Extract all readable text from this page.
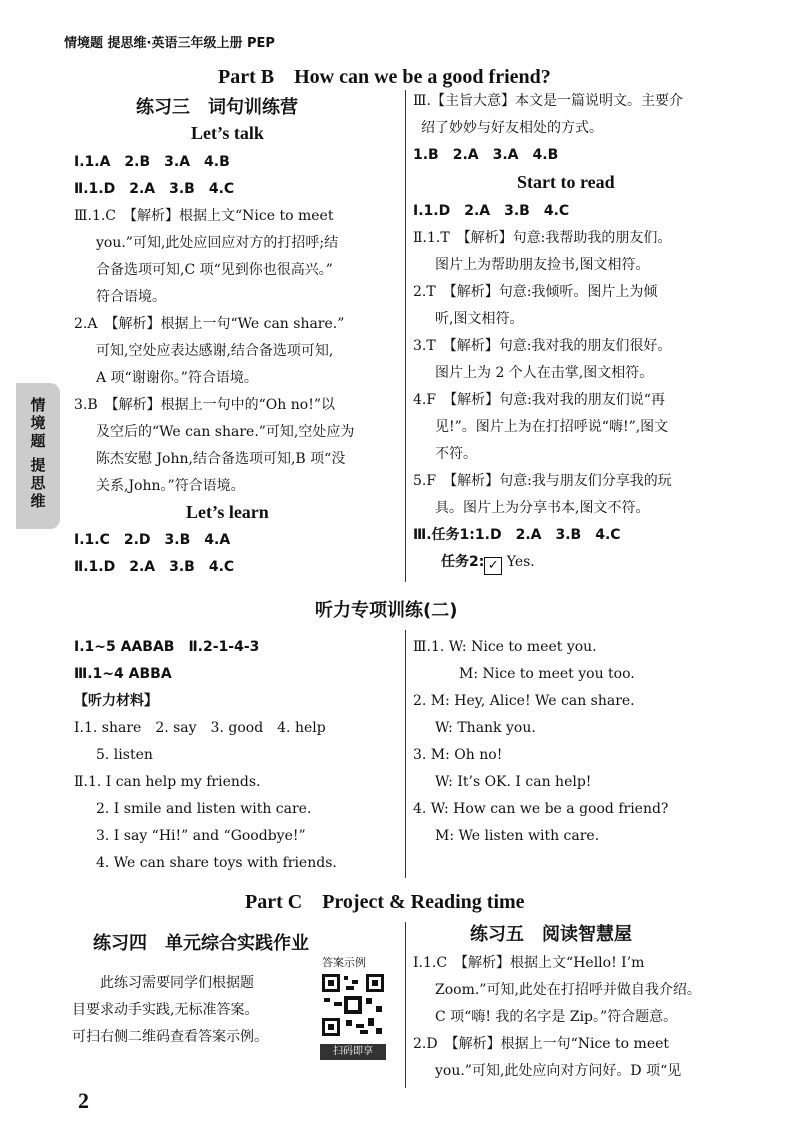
情境题 提思维·英语三年级上册 PEP
Part B　How can we be a good friend?
练习三　词句训练营
Let’s talk
Ⅰ.1.A　2.B　3.A　4.B
Ⅱ.1.D　2.A　3.B　4.C
Ⅲ.1.C　【解析】根据上文“Nice to meet
you.”可知,此处应回应对方的打招呼;结
合备选项可知,C 项“见到你也很高兴。”
符合语境。
2.A　【解析】根据上一句“We can share.”
可知,空处应表达感谢,结合备选项可知,
A 项“谢谢你。”符合语境。
3.B　【解析】根据上一句中的“Oh no!”以
及空后的“We can share.”可知,空处应为
陈杰安慰 John,结合备选项可知,B 项“没
关系,John。”符合语境。
Let’s learn
Ⅰ.1.C　2.D　3.B　4.A
Ⅱ.1.D　2.A　3.B　4.C
Ⅲ.【主旨大意】本文是一篇说明文。主要介
绍了妙妙与好友相处的方式。
1.B　2.A　3.A　4.B
Start to read
Ⅰ.1.D　2.A　3.B　4.C
Ⅱ.1.T　【解析】句意:我帮助我的朋友们。
图片上为帮助朋友捡书,图文相符。
2.T　【解析】句意:我倾听。图片上为倾
听,图文相符。
3.T　【解析】句意:我对我的朋友们很好。
图片上为 2 个人在击掌,图文相符。
4.F　【解析】句意:我对我的朋友们说“再
见!”。图片上为在打招呼说“嗨!”,图文
不符。
5.F　【解析】句意:我与朋友们分享我的玩
具。图片上为分享书本,图文不符。
Ⅲ.任务1:1.D　2.A　3.B　4.C
任务2: ✓ Yes.
情
境
题
提
思
维
听力专项训练(二)
Ⅰ.1~5 AABAB　Ⅱ.2-1-4-3
Ⅲ.1~4 ABBA
【听力材料】
Ⅰ.1. share　2. say　3. good　4. help
5. listen
Ⅱ.1. I can help my friends.
2. I smile and listen with care.
3. I say “Hi!” and “Goodbye!”
4. We can share toys with friends.
Ⅲ.1. W: Nice to meet you.
M: Nice to meet you too.
2. M: Hey, Alice! We can share.
W: Thank you.
3. M: Oh no!
W: It’s OK. I can help!
4. W: How can we be a good friend?
M: We listen with care.
Part C　Project & Reading time
练习四　单元综合实践作业
答案示例
此练习需要同学们根据题
目要求动手实践,无标准答案。
可扫右侧二维码查看答案示例。
扫码即享
练习五　阅读智慧屋
Ⅰ.1.C　【解析】根据上文“Hello! I’m
Zoom.”可知,此处在打招呼并做自我介绍。
C 项“嗨! 我的名字是 Zip。”符合题意。
2.D　【解析】根据上一句“Nice to meet
you.”可知,此处应向对方问好。D 项“见
2
